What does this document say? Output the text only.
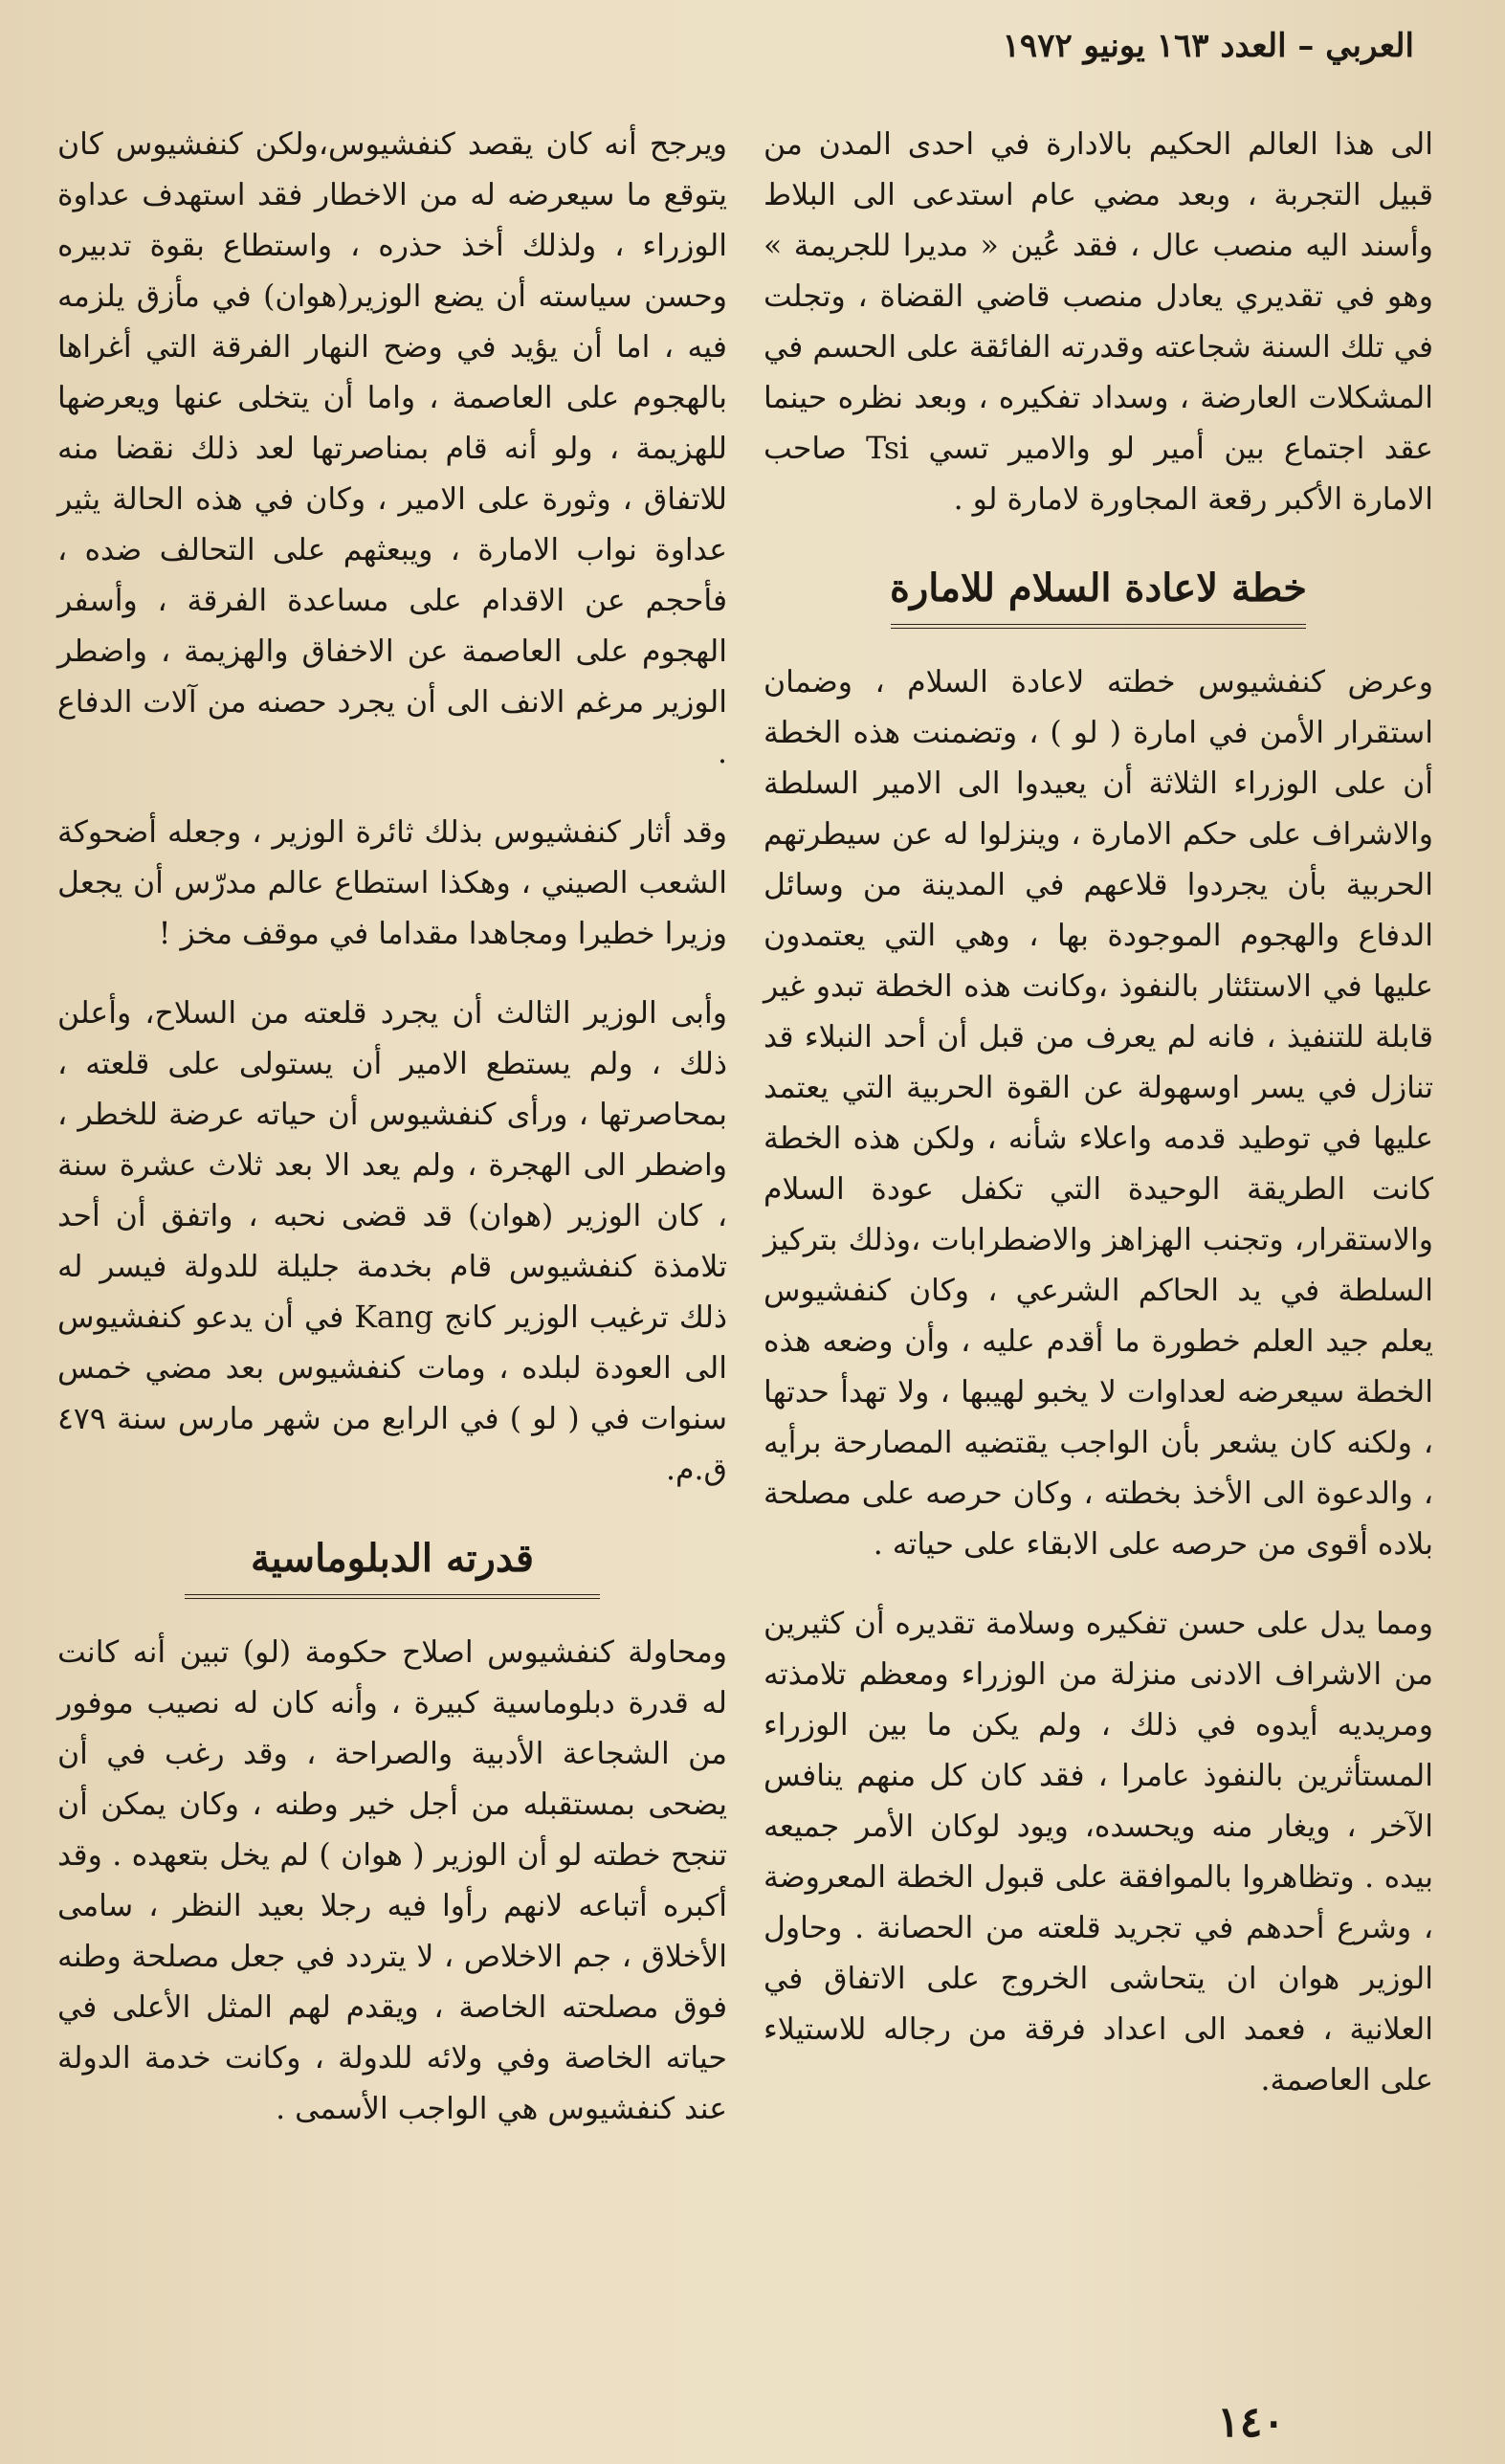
العربي – العدد ١٦٣ يونيو ١٩٧٢

الى هذا العالم الحكيم بالادارة في احدى المدن من قبيل التجربة ، وبعد مضي عام استدعى الى البلاط وأسند اليه منصب عال ، فقد عُين « مديرا للجريمة » وهو في تقديري يعادل منصب قاضي القضاة ، وتجلت في تلك السنة شجاعته وقدرته الفائقة على الحسم في المشكلات العارضة ، وسداد تفكيره ، وبعد نظره حينما عقد اجتماع بين أمير لو والامير تسي Tsi صاحب الامارة الأكبر رقعة المجاورة لامارة لو .

خطة لاعادة السلام للامارة

وعرض كنفشيوس خطته لاعادة السلام ، وضمان استقرار الأمن في امارة ( لو ) ، وتضمنت هذه الخطة أن على الوزراء الثلاثة أن يعيدوا الى الامير السلطة والاشراف على حكم الامارة ، وينزلوا له عن سيطرتهم الحربية بأن يجردوا قلاعهم في المدينة من وسائل الدفاع والهجوم الموجودة بها ، وهي التي يعتمدون عليها في الاستئثار بالنفوذ ،وكانت هذه الخطة تبدو غير قابلة للتنفيذ ، فانه لم يعرف من قبل أن أحد النبلاء قد تنازل في يسر اوسهولة عن القوة الحربية التي يعتمد عليها في توطيد قدمه واعلاء شأنه ، ولكن هذه الخطة كانت الطريقة الوحيدة التي تكفل عودة السلام والاستقرار، وتجنب الهزاهز والاضطرابات ،وذلك بتركيز السلطة في يد الحاكم الشرعي ، وكان كنفشيوس يعلم جيد العلم خطورة ما أقدم عليه ، وأن وضعه هذه الخطة سيعرضه لعداوات لا يخبو لهيبها ، ولا تهدأ حدتها ، ولكنه كان يشعر بأن الواجب يقتضيه المصارحة برأيه ، والدعوة الى الأخذ بخطته ، وكان حرصه على مصلحة بلاده أقوى من حرصه على الابقاء على حياته .

ومما يدل على حسن تفكيره وسلامة تقديره أن كثيرين من الاشراف الادنى منزلة من الوزراء ومعظم تلامذته ومريديه أيدوه في ذلك ، ولم يكن ما بين الوزراء المستأثرين بالنفوذ عامرا ، فقد كان كل منهم ينافس الآخر ، ويغار منه ويحسده، ويود لوكان الأمر جميعه بيده . وتظاهروا بالموافقة على قبول الخطة المعروضة ، وشرع أحدهم في تجريد قلعته من الحصانة . وحاول الوزير هوان ان يتحاشى الخروج على الاتفاق في العلانية ، فعمد الى اعداد فرقة من رجاله للاستيلاء على العاصمة.

ويرجح أنه كان يقصد كنفشيوس،ولكن كنفشيوس كان يتوقع ما سيعرضه له من الاخطار فقد استهدف عداوة الوزراء ، ولذلك أخذ حذره ، واستطاع بقوة تدبيره وحسن سياسته أن يضع الوزير(هوان) في مأزق يلزمه فيه ، اما أن يؤيد في وضح النهار الفرقة التي أغراها بالهجوم على العاصمة ، واما أن يتخلى عنها ويعرضها للهزيمة ، ولو أنه قام بمناصرتها لعد ذلك نقضا منه للاتفاق ، وثورة على الامير ، وكان في هذه الحالة يثير عداوة نواب الامارة ، ويبعثهم على التحالف ضده ، فأحجم عن الاقدام على مساعدة الفرقة ، وأسفر الهجوم على العاصمة عن الاخفاق والهزيمة ، واضطر الوزير مرغم الانف الى أن يجرد حصنه من آلات الدفاع .

وقد أثار كنفشيوس بذلك ثائرة الوزير ، وجعله أضحوكة الشعب الصيني ، وهكذا استطاع عالم مدرّس أن يجعل وزيرا خطيرا ومجاهدا مقداما في موقف مخز !

وأبى الوزير الثالث أن يجرد قلعته من السلاح، وأعلن ذلك ، ولم يستطع الامير أن يستولى على قلعته ، بمحاصرتها ، ورأى كنفشيوس أن حياته عرضة للخطر ، واضطر الى الهجرة ، ولم يعد الا بعد ثلاث عشرة سنة ، كان الوزير (هوان) قد قضى نحبه ، واتفق أن أحد تلامذة كنفشيوس قام بخدمة جليلة للدولة فيسر له ذلك ترغيب الوزير كانج Kang في أن يدعو كنفشيوس الى العودة لبلده ، ومات كنفشيوس بعد مضي خمس سنوات في ( لو ) في الرابع من شهر مارس سنة ٤٧٩ ق.م.

قدرته الدبلوماسية

ومحاولة كنفشيوس اصلاح حكومة (لو) تبين أنه كانت له قدرة دبلوماسية كبيرة ، وأنه كان له نصيب موفور من الشجاعة الأدبية والصراحة ، وقد رغب في أن يضحى بمستقبله من أجل خير وطنه ، وكان يمكن أن تنجح خطته لو أن الوزير ( هوان ) لم يخل بتعهده . وقد أكبره أتباعه لانهم رأوا فيه رجلا بعيد النظر ، سامى الأخلاق ، جم الاخلاص ، لا يتردد في جعل مصلحة وطنه فوق مصلحته الخاصة ، ويقدم لهم المثل الأعلى في حياته الخاصة وفي ولائه للدولة ، وكانت خدمة الدولة عند كنفشيوس هي الواجب الأسمى .

١٤٠
